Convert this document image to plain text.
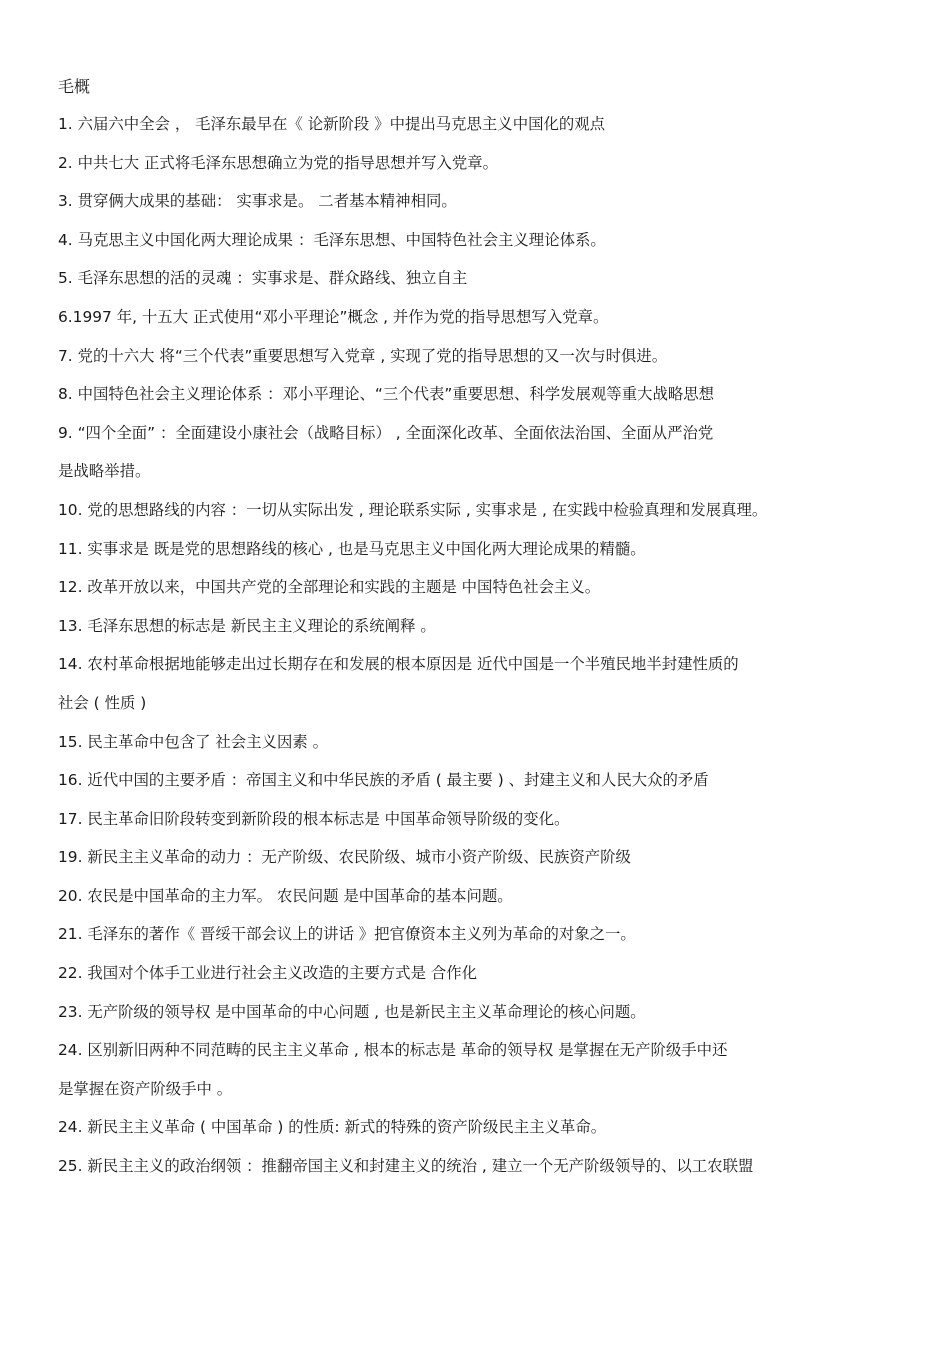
毛概
1. 六届六中全会 ， 毛泽东最早在《 论新阶段 》中提出马克思主义中国化的观点
2. 中共七大 正式将毛泽东思想确立为党的指导思想并写入党章。
3. 贯穿俩大成果的基础： 实事求是。 二者基本精神相同。
4. 马克思主义中国化两大理论成果 ：毛泽东思想、中国特色社会主义理论体系。
5. 毛泽东思想的活的灵魂 ：实事求是、群众路线、独立自主
6.1997 年, 十五大 正式使用“邓小平理论”概念 , 并作为党的指导思想写入党章。
7. 党的十六大 将“三个代表”重要思想写入党章 , 实现了党的指导思想的又一次与时俱进。
8. 中国特色社会主义理论体系 ：邓小平理论、“三个代表”重要思想、科学发展观等重大战略思想
9. “四个全面” ：全面建设小康社会（战略目标） , 全面深化改革、全面依法治国、全面从严治党
是战略举措。
10. 党的思想路线的内容 ：一切从实际出发 , 理论联系实际 , 实事求是 , 在实践中检验真理和发展真理。
11. 实事求是 既是党的思想路线的核心 , 也是马克思主义中国化两大理论成果的精髓。
12. 改革开放以来，中国共产党的全部理论和实践的主题是 中国特色社会主义。
13. 毛泽东思想的标志是 新民主主义理论的系统阐释 。
14. 农村革命根据地能够走出过长期存在和发展的根本原因是 近代中国是一个半殖民地半封建性质的
社会 ( 性质 )
15. 民主革命中包含了 社会主义因素 。
16. 近代中国的主要矛盾 ：帝国主义和中华民族的矛盾 ( 最主要 ) 、封建主义和人民大众的矛盾
17. 民主革命旧阶段转变到新阶段的根本标志是 中国革命领导阶级的变化。
19. 新民主主义革命的动力 ：无产阶级、农民阶级、城市小资产阶级、民族资产阶级
20. 农民是中国革命的主力军。 农民问题 是中国革命的基本问题。
21. 毛泽东的著作《 晋绥干部会议上的讲话 》把官僚资本主义列为革命的对象之一。
22. 我国对个体手工业进行社会主义改造的主要方式是 合作化
23. 无产阶级的领导权 是中国革命的中心问题 , 也是新民主主义革命理论的核心问题。
24. 区别新旧两种不同范畴的民主主义革命 , 根本的标志是 革命的领导权 是掌握在无产阶级手中还
是掌握在资产阶级手中 。
24. 新民主主义革命 ( 中国革命 ) 的性质: 新式的特殊的资产阶级民主主义革命。
25. 新民主主义的政治纲领 ：推翻帝国主义和封建主义的统治 , 建立一个无产阶级领导的、以工农联盟
